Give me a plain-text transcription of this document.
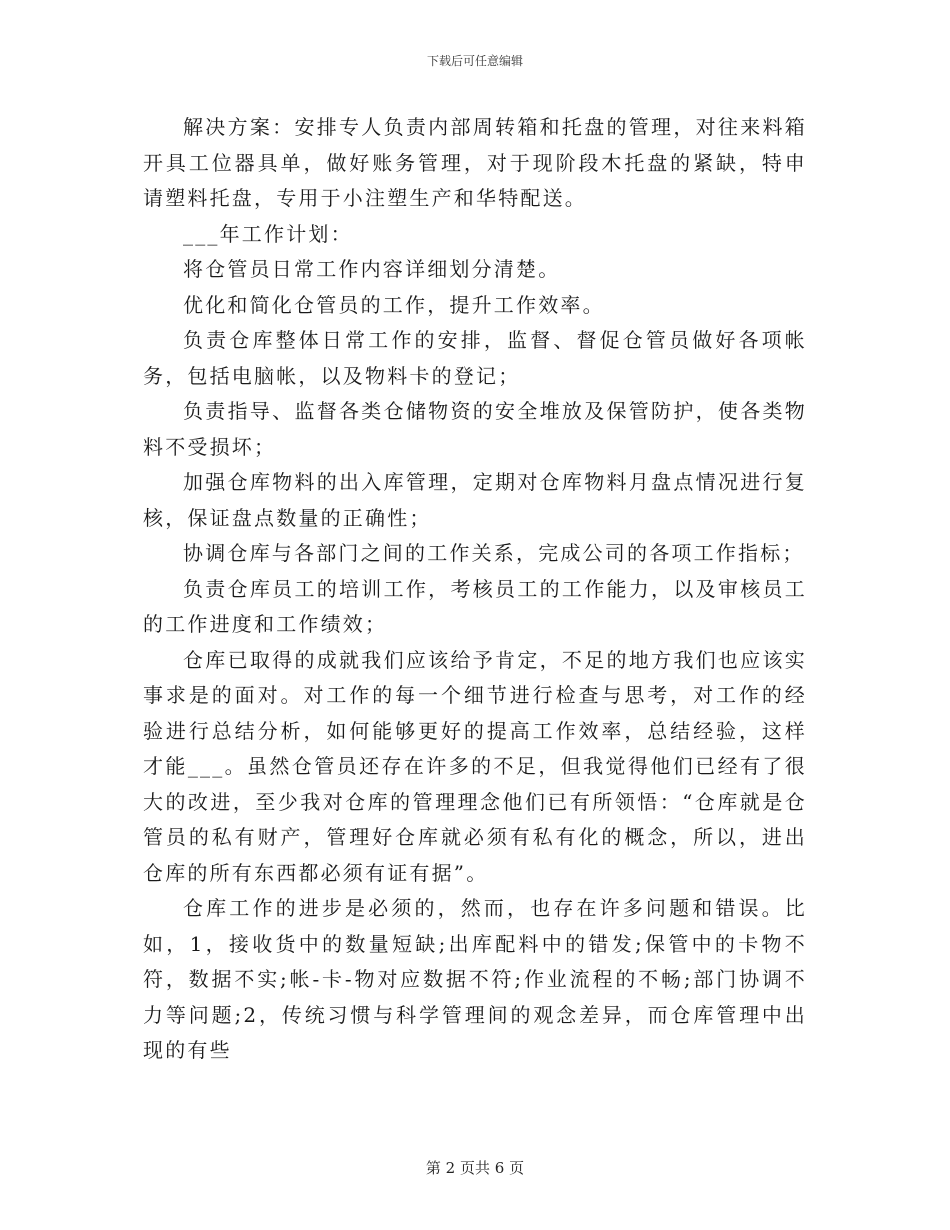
下载后可任意编辑

解决方案：安排专人负责内部周转箱和托盘的管理，对往来料箱开具工位器具单，做好账务管理，对于现阶段木托盘的紧缺，特申请塑料托盘，专用于小注塑生产和华特配送。

___年工作计划：

将仓管员日常工作内容详细划分清楚。

优化和简化仓管员的工作，提升工作效率。

负责仓库整体日常工作的安排，监督、督促仓管员做好各项帐务，包括电脑帐，以及物料卡的登记；

负责指导、监督各类仓储物资的安全堆放及保管防护，使各类物料不受损坏；

加强仓库物料的出入库管理，定期对仓库物料月盘点情况进行复核，保证盘点数量的正确性；

协调仓库与各部门之间的工作关系，完成公司的各项工作指标；

负责仓库员工的培训工作，考核员工的工作能力，以及审核员工的工作进度和工作绩效；

仓库已取得的成就我们应该给予肯定，不足的地方我们也应该实事求是的面对。对工作的每一个细节进行检查与思考，对工作的经验进行总结分析，如何能够更好的提高工作效率，总结经验，这样才能___。虽然仓管员还存在许多的不足，但我觉得他们已经有了很大的改进，至少我对仓库的管理理念他们已有所领悟：“仓库就是仓管员的私有财产，管理好仓库就必须有私有化的概念，所以，进出仓库的所有东西都必须有证有据”。

仓库工作的进步是必须的，然而，也存在许多问题和错误。比如，1，接收货中的数量短缺;出库配料中的错发;保管中的卡物不符，数据不实;帐-卡-物对应数据不符;作业流程的不畅;部门协调不力等问题;2，传统习惯与科学管理间的观念差异，而仓库管理中出现的有些

第 2 页共 6 页
